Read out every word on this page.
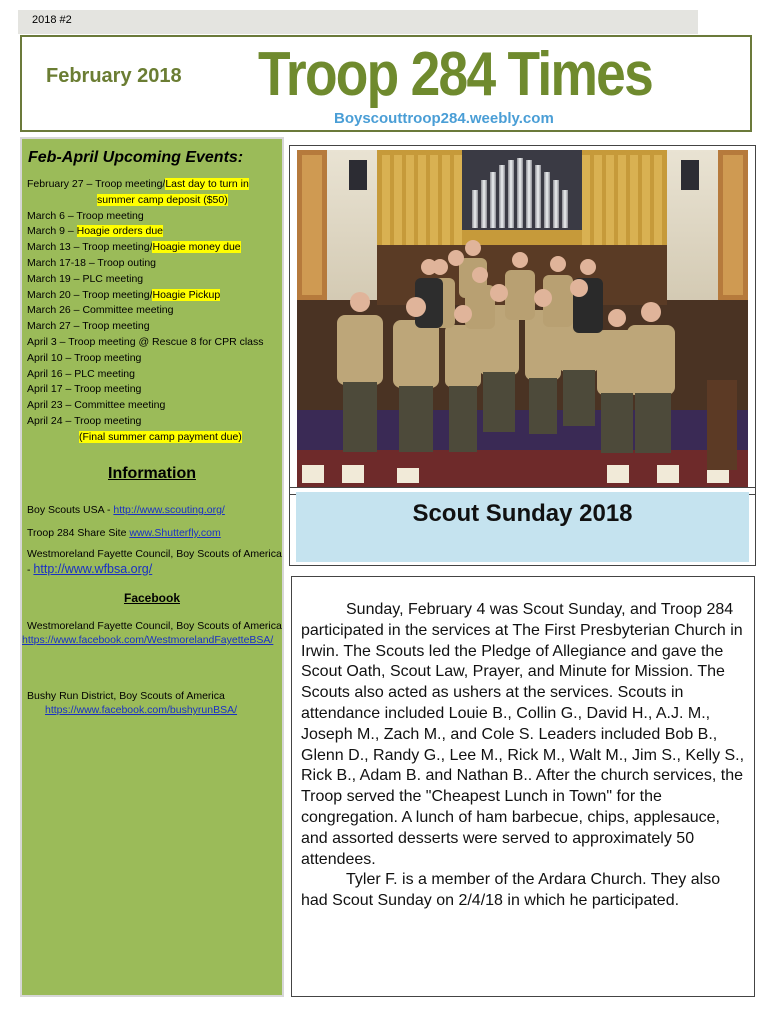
2018 #2
February 2018 Troop 284 Times
Boyscouttroop284.weebly.com
Feb-April Upcoming Events:
February 27 – Troop meeting/Last day to turn in
summer camp deposit ($50)
March 6 – Troop meeting
March 9 – Hoagie orders due
March 13 – Troop meeting/Hoagie money due
March 17-18 – Troop outing
March 19 – PLC meeting
March 20 – Troop meeting/Hoagie Pickup
March 26 – Committee meeting
March 27 – Troop meeting
April 3 – Troop meeting @ Rescue 8 for CPR class
April 10 – Troop meeting
April 16 – PLC meeting
April 17 – Troop meeting
April 23 – Committee meeting
April 24 – Troop meeting
(Final summer camp payment due)
Information
Boy Scouts USA - http://www.scouting.org/
Troop 284 Share Site www.Shutterfly.com
Westmoreland Fayette Council, Boy Scouts of America - http://www.wfbsa.org/
Facebook
Westmoreland Fayette Council, Boy Scouts of America
https://www.facebook.com/WestmorelandFayetteBSA/
Bushy Run District, Boy Scouts of America
https://www.facebook.com/bushyrunBSA/
Scout Sunday 2018

Sunday, February 4 was Scout Sunday, and Troop 284 participated in the services at The First Presbyterian Church in Irwin. The Scouts led the Pledge of Allegiance and gave the Scout Oath, Scout Law, Prayer, and Minute for Mission. The Scouts also acted as ushers at the services. Scouts in attendance included Louie B., Collin G., David H., A.J. M., Joseph M., Zach M., and Cole S. Leaders included Bob B., Glenn D., Randy G., Lee M., Rick M., Walt M., Jim S., Kelly S., Rick B., Adam B. and Nathan B.. After the church services, the Troop served the "Cheapest Lunch in Town" for the congregation. A lunch of ham barbecue, chips, applesauce, and assorted desserts were served to approximately 50 attendees.

Tyler F. is a member of the Ardara Church. They also had Scout Sunday on 2/4/18 in which he participated.
